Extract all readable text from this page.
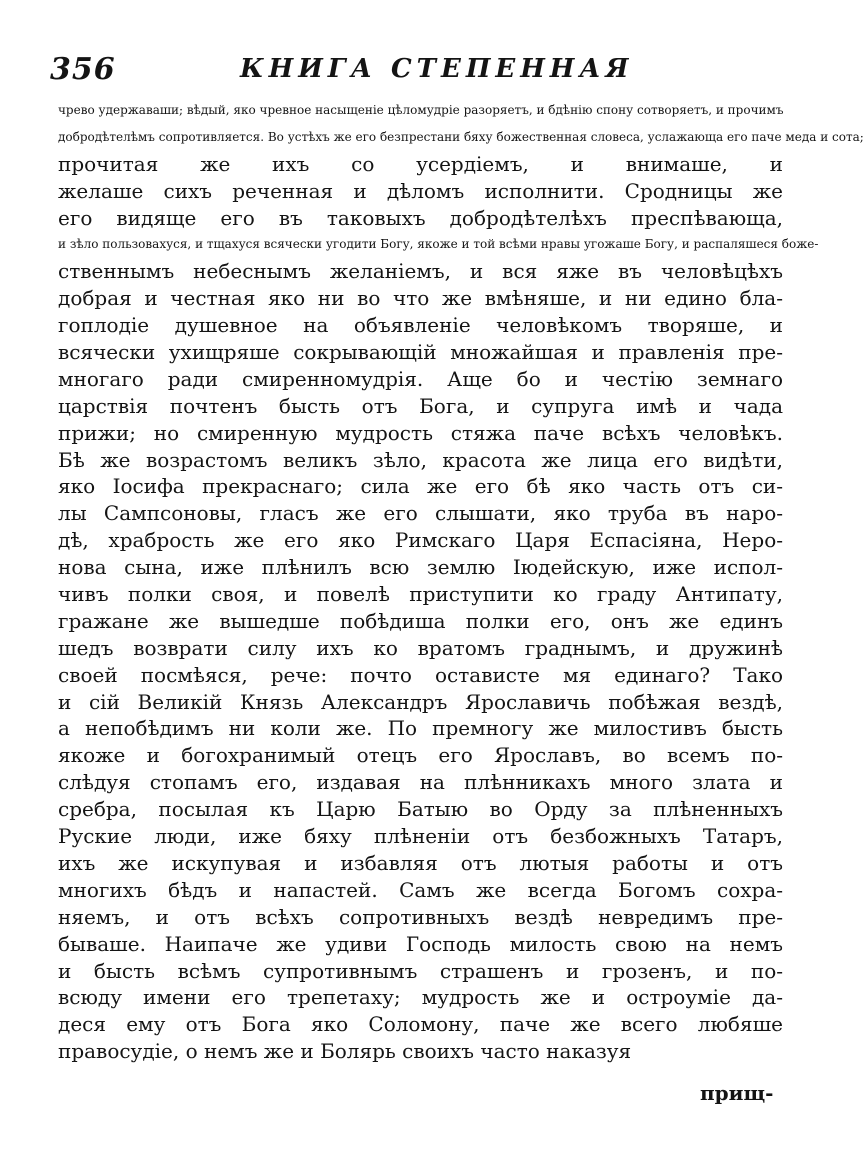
356	КНИГА СТЕПЕННАЯ
чрево удержаваши; вѣдый, яко чревное насыщеніе цѣломудріе разоряетъ, и бдѣнію спону сотворяетъ, и прочимъ
добродѣтелѣмъ сопротивляется. Во устѣхъ же его безпрестани бяху божественная словеса, услажающа его паче меда и сота;
прочитая же ихъ со усердіемъ, и внимаше, и
желаше сихъ реченная и дѣломъ исполнити. Сродницы же
его видяще его въ таковыхъ добродѣтелѣхъ преспѣвающа,
и зѣло пользовахуся, и тщахуся всячески угодити Богу, якоже и той всѣми нравы угожаше Богу, и распаляшеся боже-
ственнымъ небеснымъ желаніемъ, и вся яже въ человѣцѣхъ
добрая и честная яко ни во что же вмѣняше, и ни едино бла-
гоплодіе душевное на объявленіе человѣкомъ творяше, и
всячески ухищряше сокрывающій множайшая и правленія пре-
многаго ради смиренномудрія. Аще бо и честію земнаго
царствія почтенъ бысть отъ Бога, и супруга имѣ и чада
прижи; но смиренную мудрость стяжа паче всѣхъ человѣкъ.
Бѣ же возрастомъ великъ зѣло, красота же лица его видѣти,
яко Іосифа прекраснаго; сила же его бѣ яко часть отъ си-
лы Сампсоновы, гласъ же его слышати, яко труба въ наро-
дѣ, храбрость же его яко Римскаго Царя Еспасіяна, Нерo-
нова сына, иже плѣнилъ всю землю Іюдейскую, иже испол-
чивъ полки своя, и повелѣ приступити ко граду Антипату,
гражане же вышедше побѣдиша полки его, онъ же единъ
шедъ возврати силу ихъ ко вратомъ граднымъ, и дружинѣ
своей посмѣяся, рече: почто остависте мя единаго? Тако
и сій Великій Князь Александръ Ярославичь побѣжая вездѣ,
а непобѣдимъ ни коли же. По премногу же милостивъ бысть
якоже и богохранимый отецъ его Ярославъ, во всемъ по-
слѣдуя стопамъ его, издавая на плѣнникахъ много злата и
сребра, посылая къ Царю Батыю во Орду за плѣненныхъ
Руские люди, иже бяху плѣненіи отъ безбожныхъ Татаръ,
ихъ же искупувая и избавляя отъ лютыя работы и отъ
многихъ бѣдъ и напастей. Самъ же всегда Богомъ сохра-
няемъ, и отъ всѣхъ сопротивныхъ вездѣ невредимъ пре-
бываше. Наипаче же удиви Господь милость свою на немъ
и бысть всѣмъ супротивнымъ страшенъ и грозенъ, и по-
всюду имени его трепетаху; мудрость же и остроуміе да-
деся ему отъ Бога яко Соломону, паче же всего любяше
правосудіе, о немъ же и Болярь своихъ часто наказуя
прищ-
